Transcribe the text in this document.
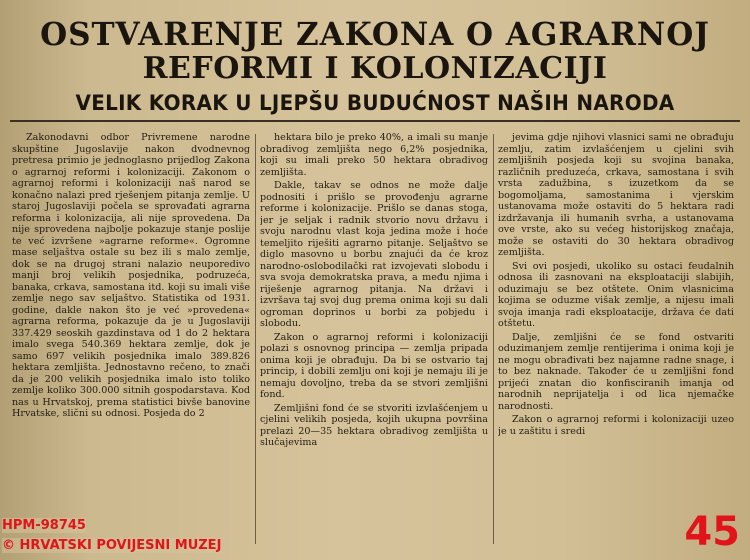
OSTVARENJE ZAKONA O AGRARNOJ
REFORMI I KOLONIZACIJI
VELIK KORAK U LJEPŠU BUDUĆNOST NAŠIH NARODA

Zakonodavni odbor Privremene narodne skupštine Jugoslavije nakon dvodnevnog pretresa primio je jednoglasno prijedlog Zakona o agrarnoj reformi i kolonizaciji. Zakonom o agrarnoj reformi i kolonizaciji naš narod se konačno nalazi pred rješenjem pitanja zemlje. U staroj Jugoslaviji počela se sprovađati agrarna reforma i kolonizacija, ali nije sprovedena. Da nije sprovedena najbolje pokazuje stanje poslije te već izvršene »agrarne reforme«. Ogromne mase seljaštva ostale su bez ili s malo zemlje, dok se na drugoj strani nalazio neuporedivo manji broj velikih posjednika, podruzeća, banaka, crkava, samostana itd. koji su imali više zemlje nego sav seljaštvo. Statistika od 1931. godine, dakle nakon što je već »provedena« agrarna reforma, pokazuje da je u Jugoslaviji 337.429 seoskih gazdinstava od 1 do 2 hektara imalo svega 540.369 hektara zemlje, dok je samo 697 velikih posjednika imalo 389.826 hektara zemljišta. Jednostavno rečeno, to znači da je 200 velikih posjednika imalo isto toliko zemlje koliko 300.000 sitnih gospodarstava. Kod nas u Hrvatskoj, prema statistici bivše banovine Hrvatske, slični su odnosi. Posjeda do 2

hektara bilo je preko 40%, a imali su manje obradivog zemljišta nego 6,2% posjednika, koji su imali preko 50 hektara obradivog zemljišta.

Dakle, takav se odnos ne može dalje podnositi i prišlo se provođenju agrarne reforme i kolonizacije. Prišlo se danas stoga, jer je seljak i radnik stvorio novu državu i svoju narodnu vlast koja jedina može i hoće temeljito riješiti agrarno pitanje. Seljaštvo se diglo masovno u borbu znajući da će kroz narodno-oslobodilački rat izvojevati slobodu i sva svoja demokratska prava, a među njima i riješenje agrarnog pitanja. Na državi i izvršava taj svoj dug prema onima koji su dali ogroman doprinos u borbi za pobjedu i slobodu.

Zakon o agrarnoj reformi i kolonizaciji polazi s osnovnog principa — zemlja pripada onima koji je obrađuju. Da bi se ostvario taj princip, i dobili zemlju oni koji je nemaju ili je nemaju dovoljno, treba da se stvori zemljišni fond.

Zemljišni fond će se stvoriti izvlašćenjem u cjelini velikih posjeda, kojih ukupna površina prelazi 20—35 hektara obradivog zemljišta u slučajevima

jevima gdje njihovi vlasnici sami ne obrađuju zemlju, zatim izvlašćenjem u cjelini svih zemljišnih posjeda koji su svojina banaka, različnih preduzeća, crkava, samostana i svih vrsta zadužbina, s izuzetkom da se bogomoljama, samostanima i vjerskim ustanovama može ostaviti do 5 hektara radi izdržavanja ili humanih svrha, a ustanovama ove vrste, ako su većeg historijskog značaja, može se ostaviti do 30 hektara obradivog zemljišta.

Svi ovi posjedi, ukoliko su ostaci feudalnih odnosa ili zasnovani na eksploataciji slabijih, oduzimaju se bez otštete. Onim vlasnicima kojima se oduzme višak zemlje, a nijesu imali svoja imanja radi eksploatacije, država će dati otštetu.

Dalje, zemljišni će se fond ostvariti oduzimanjem zemlje rentijerima i onima koji je ne mogu obrađivati bez najamne radne snage, i to bez naknade. Također će u zemljišni fond prijeći znatan dio konfisciranih imanja od narodnih neprijatelja i od lica njemačke narodnosti.

Zakon o agrarnoj reformi i kolonizaciji uzeo je u zaštitu i sredi

HPM-98745
© HRVATSKI POVIJESNI MUZEJ	45
